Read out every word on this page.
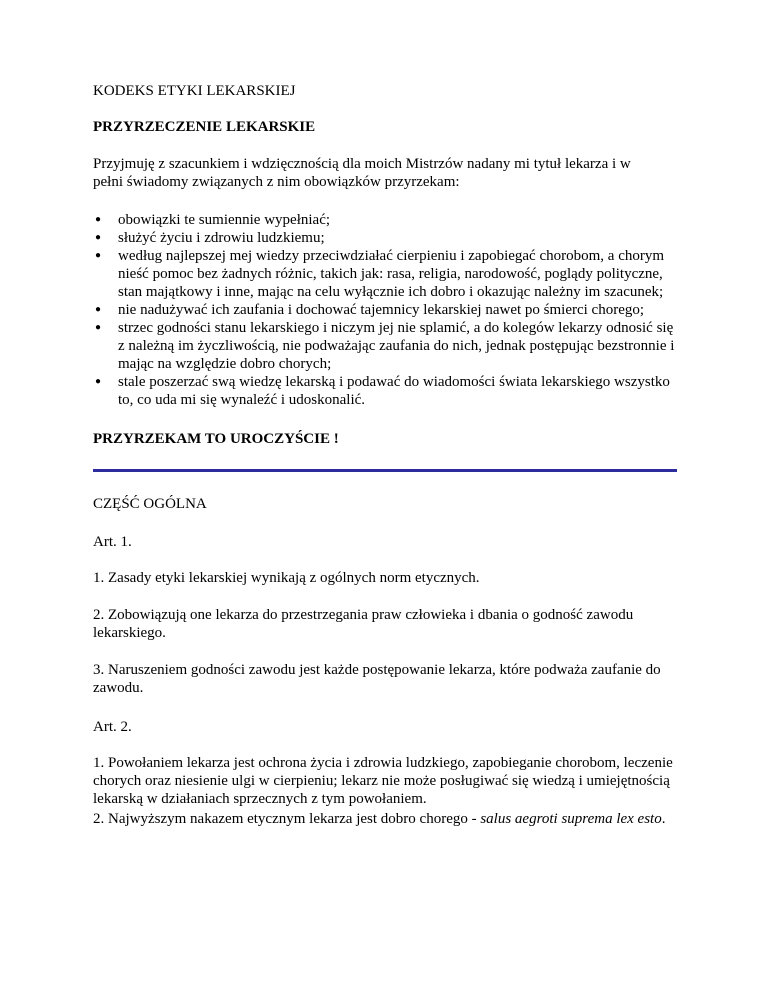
KODEKS ETYKI LEKARSKIEJ

PRZYRZECZENIE LEKARSKIE

Przyjmuję z szacunkiem i wdzięcznością dla moich Mistrzów nadany mi tytuł lekarza i w pełni świadomy związanych z nim obowiązków przyrzekam:

● obowiązki te sumiennie wypełniać;
● służyć życiu i zdrowiu ludzkiemu;
● według najlepszej mej wiedzy przeciwdziałać cierpieniu i zapobiegać chorobom, a chorym nieść pomoc bez żadnych różnic, takich jak: rasa, religia, narodowość, poglądy polityczne, stan majątkowy i inne, mając na celu wyłącznie ich dobro i okazując należny im szacunek;
● nie nadużywać ich zaufania i dochować tajemnicy lekarskiej nawet po śmierci chorego;
● strzec godności stanu lekarskiego i niczym jej nie splamić, a do kolegów lekarzy odnosić się z należną im życzliwością, nie podważając zaufania do nich, jednak postępując bezstronnie i mając na względzie dobro chorych;
● stale poszerzać swą wiedzę lekarską i podawać do wiadomości świata lekarskiego wszystko to, co uda mi się wynaleźć i udoskonalić.

PRZYRZEKAM TO UROCZYŚCIE !

CZĘŚĆ OGÓLNA

Art. 1.

1. Zasady etyki lekarskiej wynikają z ogólnych norm etycznych.

2. Zobowiązują one lekarza do przestrzegania praw człowieka i dbania o godność zawodu lekarskiego.

3. Naruszeniem godności zawodu jest każde postępowanie lekarza, które podważa zaufanie do zawodu.

Art. 2.

1. Powołaniem lekarza jest ochrona życia i zdrowia ludzkiego, zapobieganie chorobom, leczenie chorych oraz niesienie ulgi w cierpieniu; lekarz nie może posługiwać się wiedzą i umiejętnością lekarską w działaniach sprzecznych z tym powołaniem.

2. Najwyższym nakazem etycznym lekarza jest dobro chorego - salus aegroti suprema lex esto.
